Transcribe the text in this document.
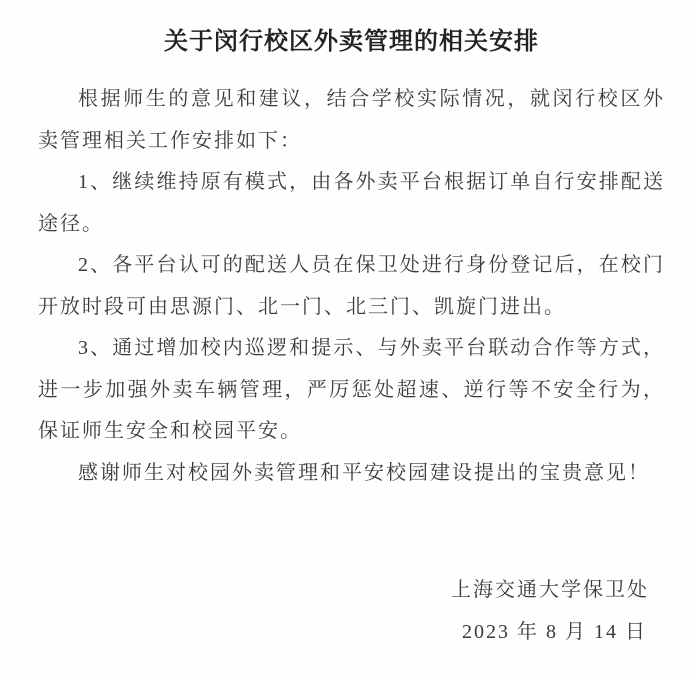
关于闵行校区外卖管理的相关安排

根据师生的意见和建议，结合学校实际情况，就闵行校区外卖管理相关工作安排如下：

1、继续维持原有模式，由各外卖平台根据订单自行安排配送途径。

2、各平台认可的配送人员在保卫处进行身份登记后，在校门开放时段可由思源门、北一门、北三门、凯旋门进出。

3、通过增加校内巡逻和提示、与外卖平台联动合作等方式，进一步加强外卖车辆管理，严厉惩处超速、逆行等不安全行为，保证师生安全和校园平安。

感谢师生对校园外卖管理和平安校园建设提出的宝贵意见！

上海交通大学保卫处

2023 年 8 月 14 日
